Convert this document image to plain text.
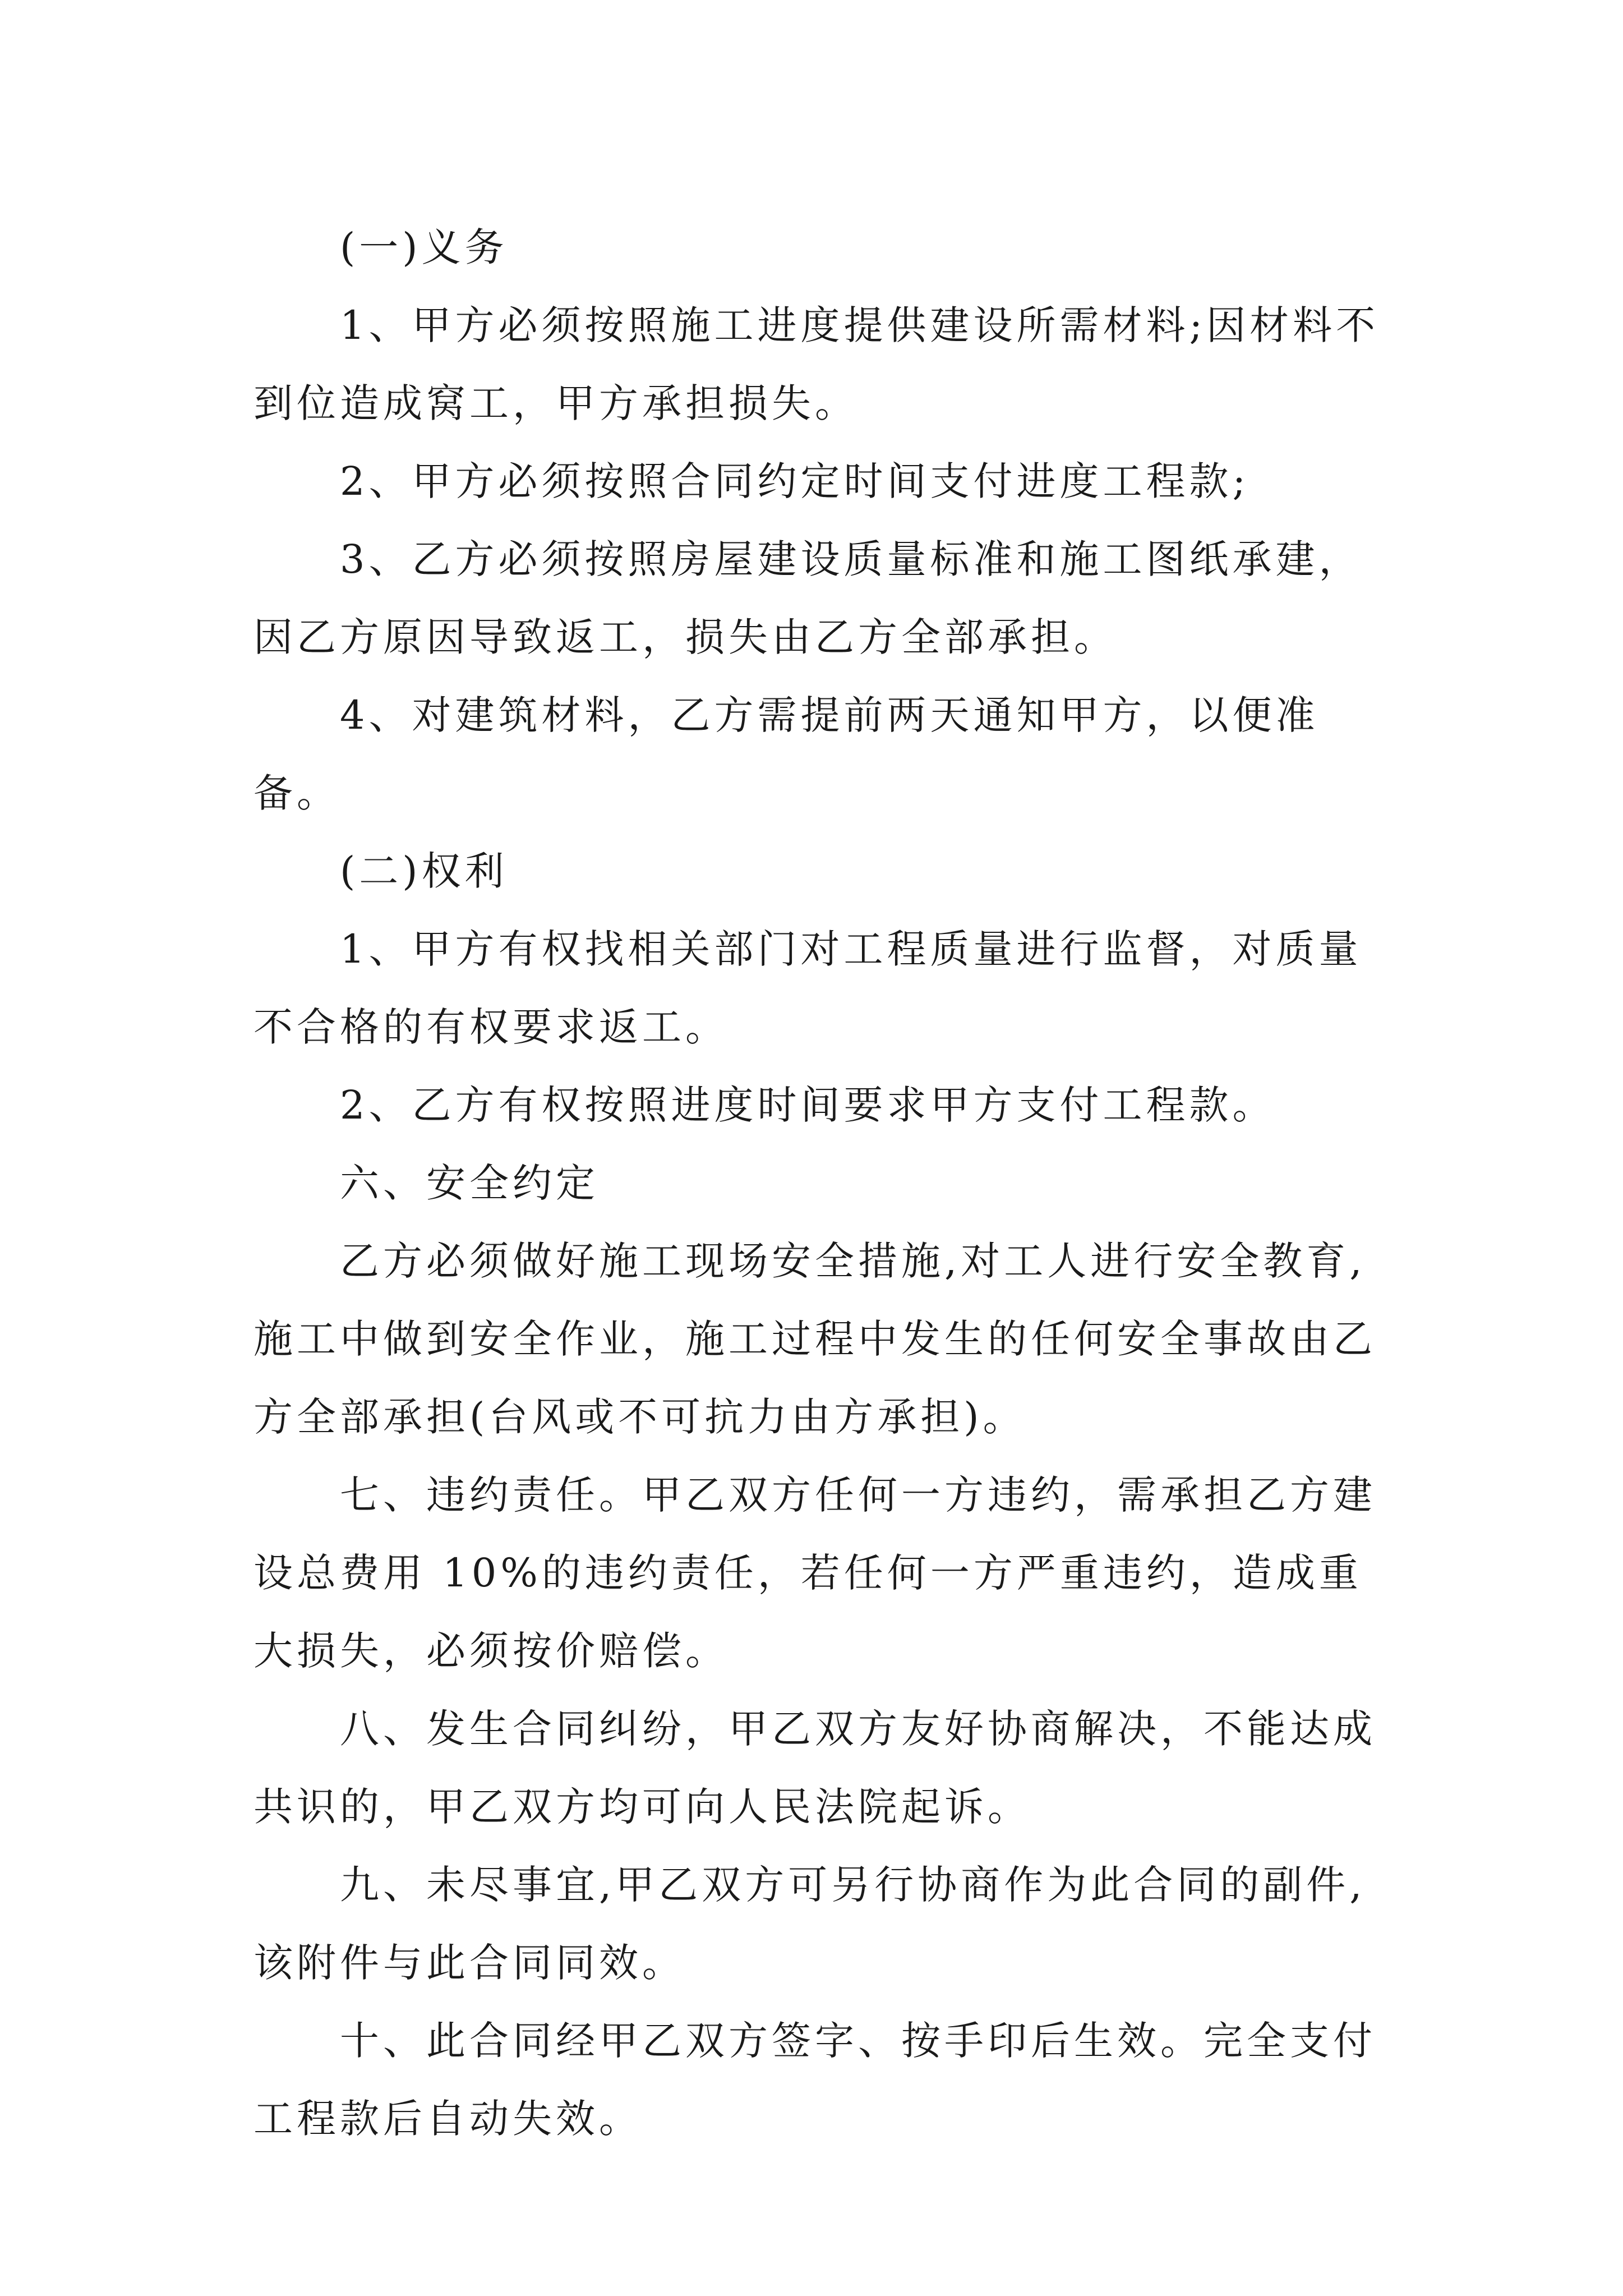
(一)义务

1、甲方必须按照施工进度提供建设所需材料;因材料不到位造成窝工，甲方承担损失。

2、甲方必须按照合同约定时间支付进度工程款;

3、乙方必须按照房屋建设质量标准和施工图纸承建，因乙方原因导致返工，损失由乙方全部承担。

4、对建筑材料，乙方需提前两天通知甲方，以便准备。

(二)权利

1、甲方有权找相关部门对工程质量进行监督，对质量不合格的有权要求返工。

2、乙方有权按照进度时间要求甲方支付工程款。

六、安全约定

乙方必须做好施工现场安全措施,对工人进行安全教育,施工中做到安全作业，施工过程中发生的任何安全事故由乙方全部承担(台风或不可抗力由方承担)。

七、违约责任。甲乙双方任何一方违约，需承担乙方建设总费用 10%的违约责任，若任何一方严重违约，造成重大损失，必须按价赔偿。

八、发生合同纠纷，甲乙双方友好协商解决，不能达成共识的，甲乙双方均可向人民法院起诉。

九、未尽事宜,甲乙双方可另行协商作为此合同的副件,该附件与此合同同效。

十、此合同经甲乙双方签字、按手印后生效。完全支付工程款后自动失效。
